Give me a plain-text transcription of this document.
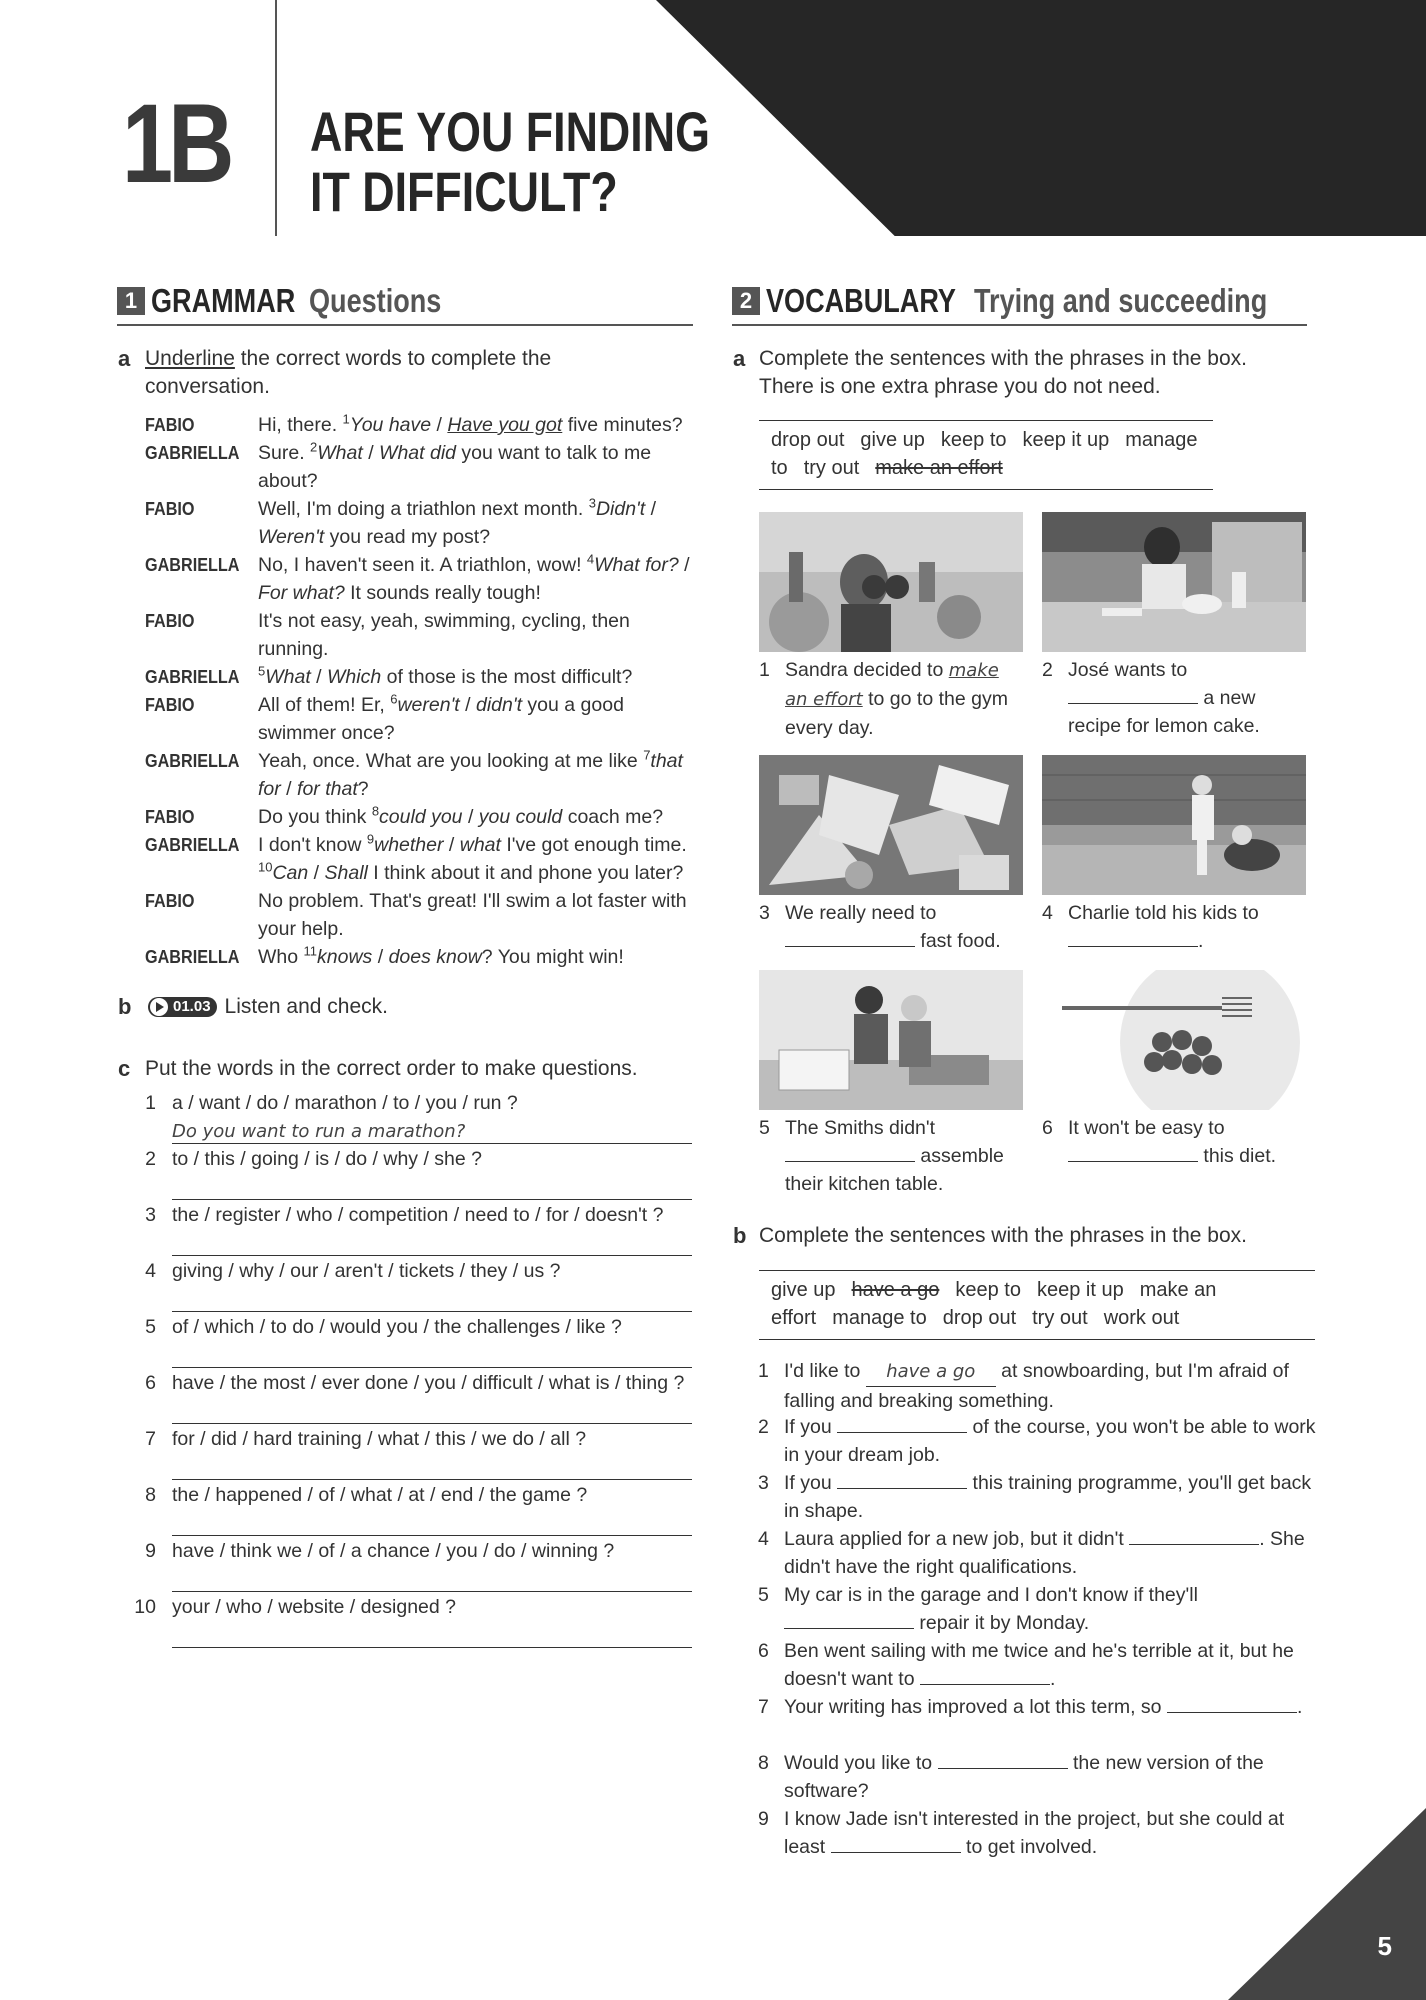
1B ARE YOU FINDING IT DIFFICULT?
1 GRAMMAR Questions
a Underline the correct words to complete the conversation.
FABIO	Hi, there. $^1$You have / Have you got five minutes?
GABRIELLA Sure. $^2$What / What did you want to talk to me about?
FABIO	Well, I'm doing a triathlon next month. $^3$Didn't / Weren't you read my post?
GABRIELLA No, I haven't seen it. A triathlon, wow! $^4$What for? / For what? It sounds really tough!
FABIO	It's not easy, yeah, swimming, cycling, then running.
GABRIELLA $^5$What / Which of those is the most difficult?
FABIO	All of them! Er, $^6$weren't / didn't you a good swimmer once?
GABRIELLA Yeah, once. What are you looking at me like $^7$that for / for that?
FABIO	Do you think $^8$could you / you could coach me?
GABRIELLA I don't know $^9$whether / what I've got enough time.
$^{10}$Can / Shall I think about it and phone you later?
FABIO	No problem. That's great! I'll swim a lot faster with your help.
GABRIELLA Who $^{11}$knows / does know? You might win!
b	01.03 Listen and check.
c Put the words in the correct order to make questions.
1 a / want / do / marathon / to / you / run ?
Do you want to run a marathon?
2 to / this / going / is / do / why / she ?
3 the / register / who / competition / need to / for / doesn't ?
4 giving / why / our / aren't / tickets / they / us ?
5 of / which / to do / would you / the challenges / like ?
6 have / the most / ever done / you / difficult / what is / thing ?
7 for / did / hard training / what / this / we do / all ?
8 the / happened / of / what / at / end / the game ?
9 have / think we / of / a chance / you / do / winning ?
10 your / who / website / designed ?
2 VOCABULARY Trying and succeeding
a Complete the sentences with the phrases in the box. There is one extra phrase you do not need.
drop out give up keep to keep it up manage to try out make an effort
1 Sandra decided to make an effort to go to the gym every day.
2 José wants to  a new recipe for lemon cake.
3 We really need to  fast food.
4 Charlie told his kids to .
5 The Smiths didn't  assemble their kitchen table.
6 It won't be easy to  this diet.
b Complete the sentences with the phrases in the box.
give up have a go keep to keep it up make an effort manage to drop out try out work out
1 I'd like to have a go at snowboarding, but I'm afraid of falling and breaking something.
2 If you	of the course, you won't be able to work in your dream job.
3 If you	this training programme, you'll get back in shape.
4 Laura applied for a new job, but it didn't	. She didn't have the right qualifications.
5 My car is in the garage and I don't know if they'll  repair it by Monday.
6 Ben went sailing with me twice and he's terrible at it, but he doesn't want to	.
7 Your writing has improved a lot this term, so	.
8 Would you like to	the new version of the software?
9 I know Jade isn't interested in the project, but she could at least	to get involved.
5
